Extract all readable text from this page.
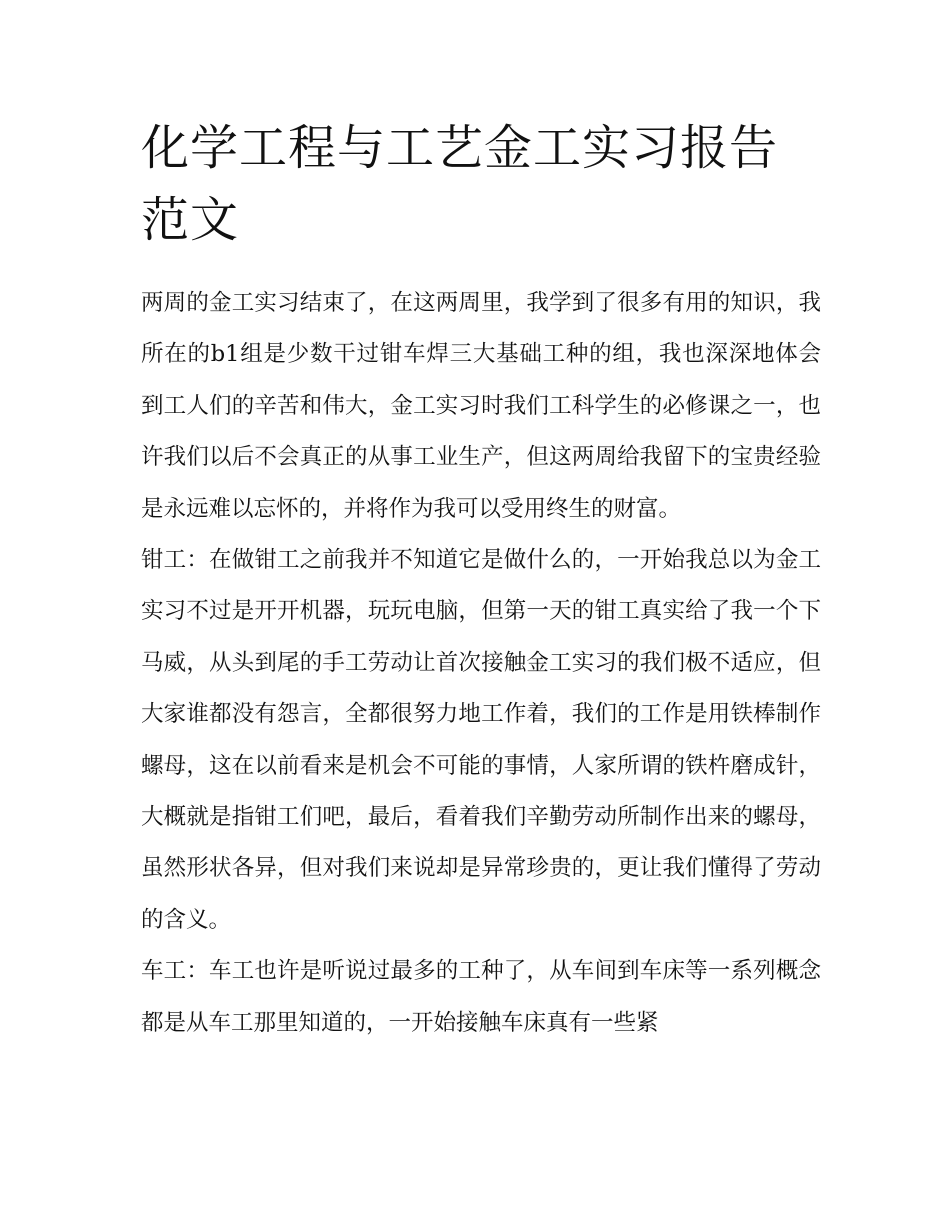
化学工程与工艺金工实习报告范文

两周的金工实习结束了，在这两周里，我学到了很多有用的知识，我所在的b1组是少数干过钳车焊三大基础工种的组，我也深深地体会到工人们的辛苦和伟大，金工实习时我们工科学生的必修课之一，也许我们以后不会真正的从事工业生产，但这两周给我留下的宝贵经验是永远难以忘怀的，并将作为我可以受用终生的财富。

钳工：在做钳工之前我并不知道它是做什么的，一开始我总以为金工实习不过是开开机器，玩玩电脑，但第一天的钳工真实给了我一个下马威，从头到尾的手工劳动让首次接触金工实习的我们极不适应，但大家谁都没有怨言，全都很努力地工作着，我们的工作是用铁棒制作螺母，这在以前看来是机会不可能的事情，人家所谓的铁杵磨成针，大概就是指钳工们吧，最后，看着我们辛勤劳动所制作出来的螺母，虽然形状各异，但对我们来说却是异常珍贵的，更让我们懂得了劳动的含义。

车工：车工也许是听说过最多的工种了，从车间到车床等一系列概念都是从车工那里知道的，一开始接触车床真有一些紧
